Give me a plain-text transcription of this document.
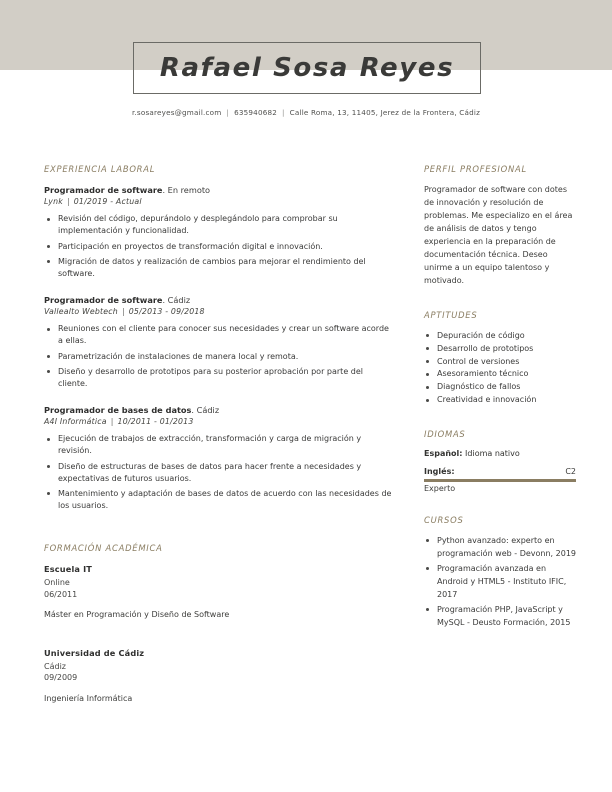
Rafael Sosa Reyes
r.sosareyes@gmail.com | 635940682 | Calle Roma, 13, 11405, Jerez de la Frontera, Cádiz
EXPERIENCIA LABORAL
Programador de software. En remoto
Lynk | 01/2019 - Actual
Revisión del código, depurándolo y desplegándolo para comprobar su implementación y funcionalidad.
Participación en proyectos de transformación digital e innovación.
Migración de datos y realización de cambios para mejorar el rendimiento del software.
Programador de software. Cádiz
Vallealto Webtech | 05/2013 - 09/2018
Reuniones con el cliente para conocer sus necesidades y crear un software acorde a ellas.
Parametrización de instalaciones de manera local y remota.
Diseño y desarrollo de prototipos para su posterior aprobación por parte del cliente.
Programador de bases de datos. Cádiz
A4I Informática | 10/2011 - 01/2013
Ejecución de trabajos de extracción, transformación y carga de migración y revisión.
Diseño de estructuras de bases de datos para hacer frente a necesidades y expectativas de futuros usuarios.
Mantenimiento y adaptación de bases de datos de acuerdo con las necesidades de los usuarios.
FORMACIÓN ACADÉMICA
Escuela IT
Online
06/2011
Máster en Programación y Diseño de Software
Universidad de Cádiz
Cádiz
09/2009
Ingeniería Informática
PERFIL PROFESIONAL
Programador de software con dotes de innovación y resolución de problemas. Me especializo en el área de análisis de datos y tengo experiencia en la preparación de documentación técnica. Deseo unirme a un equipo talentoso y motivado.
APTITUDES
Depuración de código
Desarrollo de prototipos
Control de versiones
Asesoramiento técnico
Diagnóstico de fallos
Creatividad e innovación
IDIOMAS
Español: Idioma nativo
Inglés:	C2
Experto
CURSOS
Python avanzado: experto en programación web - Devonn, 2019
Programación avanzada en Android y HTML5 - Instituto IFIC, 2017
Programación PHP, JavaScript y MySQL - Deusto Formación, 2015
